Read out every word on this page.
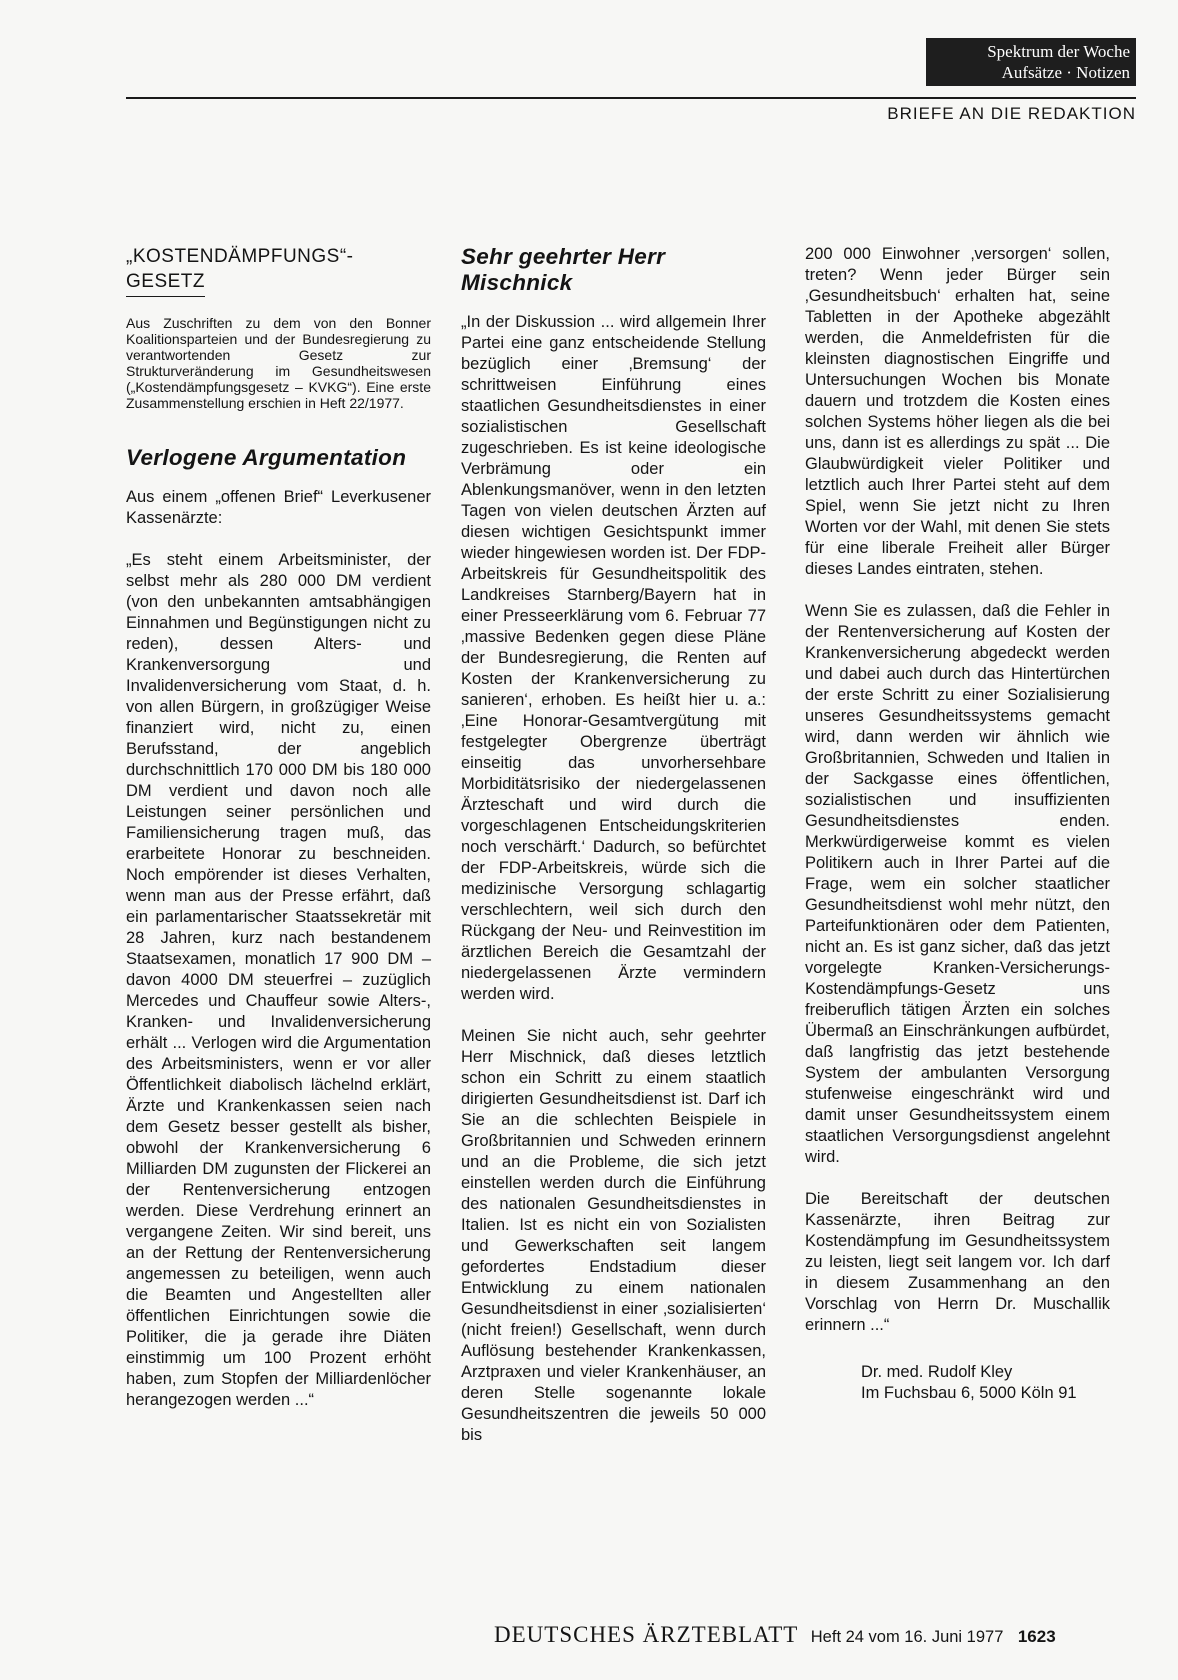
Spektrum der Woche
Aufsätze · Notizen
BRIEFE AN DIE REDAKTION
„KOSTENDÄMPFUNGS“-
GESETZ

Aus Zuschriften zu dem von den Bonner Koalitionsparteien und der Bundesregierung zu verantwortenden Gesetz zur Strukturveränderung im Gesundheitswesen („Kostendämpfungsgesetz – KVKG“). Eine erste Zusammenstellung erschien in Heft 22/1977.

Verlogene Argumentation

Aus einem „offenen Brief“ Leverkusener Kassenärzte:

„Es steht einem Arbeitsminister, der selbst mehr als 280 000 DM verdient (von den unbekannten amtsabhängigen Einnahmen und Begünstigungen nicht zu reden), dessen Alters- und Krankenversorgung und Invalidenversicherung vom Staat, d. h. von allen Bürgern, in großzügiger Weise finanziert wird, nicht zu, einen Berufsstand, der angeblich durchschnittlich 170 000 DM bis 180 000 DM verdient und davon noch alle Leistungen seiner persönlichen und Familiensicherung tragen muß, das erarbeitete Honorar zu beschneiden. Noch empörender ist dieses Verhalten, wenn man aus der Presse erfährt, daß ein parlamentarischer Staatssekretär mit 28 Jahren, kurz nach bestandenem Staatsexamen, monatlich 17 900 DM – davon 4000 DM steuerfrei – zuzüglich Mercedes und Chauffeur sowie Alters-, Kranken- und Invalidenversicherung erhält ... Verlogen wird die Argumentation des Arbeitsministers, wenn er vor aller Öffentlichkeit diabolisch lächelnd erklärt, Ärzte und Krankenkassen seien nach dem Gesetz besser gestellt als bisher, obwohl der Krankenversicherung 6 Milliarden DM zugunsten der Flickerei an der Rentenversicherung entzogen werden. Diese Verdrehung erinnert an vergangene Zeiten. Wir sind bereit, uns an der Rettung der Rentenversicherung angemessen zu beteiligen, wenn auch die Beamten und Angestellten aller öffentlichen Einrichtungen sowie die Politiker, die ja gerade ihre Diäten einstimmig um 100 Prozent erhöht haben, zum Stopfen der Milliardenlöcher herangezogen werden ...“

Sehr geehrter Herr Mischnick

„In der Diskussion ... wird allgemein Ihrer Partei eine ganz entscheidende Stellung bezüglich einer ‚Bremsung‘ der schrittweisen Einführung eines staatlichen Gesundheitsdienstes in einer sozialistischen Gesellschaft zugeschrieben. Es ist keine ideologische Verbrämung oder ein Ablenkungsmanöver, wenn in den letzten Tagen von vielen deutschen Ärzten auf diesen wichtigen Gesichtspunkt immer wieder hingewiesen worden ist. Der FDP-Arbeitskreis für Gesundheitspolitik des Landkreises Starnberg/Bayern hat in einer Presseerklärung vom 6. Februar 77 ‚massive Bedenken gegen diese Pläne der Bundesregierung, die Renten auf Kosten der Krankenversicherung zu sanieren‘, erhoben. Es heißt hier u. a.: ‚Eine Honorar-Gesamtvergütung mit festgelegter Obergrenze überträgt einseitig das unvorhersehbare Morbiditätsrisiko der niedergelassenen Ärzteschaft und wird durch die vorgeschlagenen Entscheidungskriterien noch verschärft.‘ Dadurch, so befürchtet der FDP-Arbeitskreis, würde sich die medizinische Versorgung schlagartig verschlechtern, weil sich durch den Rückgang der Neu- und Reinvestition im ärztlichen Bereich die Gesamtzahl der niedergelassenen Ärzte vermindern werden wird.

Meinen Sie nicht auch, sehr geehrter Herr Mischnick, daß dieses letztlich schon ein Schritt zu einem staatlich dirigierten Gesundheitsdienst ist. Darf ich Sie an die schlechten Beispiele in Großbritannien und Schweden erinnern und an die Probleme, die sich jetzt einstellen werden durch die Einführung des nationalen Gesundheitsdienstes in Italien. Ist es nicht ein von Sozialisten und Gewerkschaften seit langem gefordertes Endstadium dieser Entwicklung zu einem nationalen Gesundheitsdienst in einer ‚sozialisierten‘ (nicht freien!) Gesellschaft, wenn durch Auflösung bestehender Krankenkassen, Arztpraxen und vieler Krankenhäuser, an deren Stelle sogenannte lokale Gesundheitszentren die jeweils 50 000 bis

200 000 Einwohner ‚versorgen‘ sollen, treten? Wenn jeder Bürger sein ‚Gesundheitsbuch‘ erhalten hat, seine Tabletten in der Apotheke abgezählt werden, die Anmeldefristen für die kleinsten diagnostischen Eingriffe und Untersuchungen Wochen bis Monate dauern und trotzdem die Kosten eines solchen Systems höher liegen als die bei uns, dann ist es allerdings zu spät ... Die Glaubwürdigkeit vieler Politiker und letztlich auch Ihrer Partei steht auf dem Spiel, wenn Sie jetzt nicht zu Ihren Worten vor der Wahl, mit denen Sie stets für eine liberale Freiheit aller Bürger dieses Landes eintraten, stehen.

Wenn Sie es zulassen, daß die Fehler in der Rentenversicherung auf Kosten der Krankenversicherung abgedeckt werden und dabei auch durch das Hintertürchen der erste Schritt zu einer Sozialisierung unseres Gesundheitssystems gemacht wird, dann werden wir ähnlich wie Großbritannien, Schweden und Italien in der Sackgasse eines öffentlichen, sozialistischen und insuffizienten Gesundheitsdienstes enden. Merkwürdigerweise kommt es vielen Politikern auch in Ihrer Partei auf die Frage, wem ein solcher staatlicher Gesundheitsdienst wohl mehr nützt, den Parteifunktionären oder dem Patienten, nicht an. Es ist ganz sicher, daß das jetzt vorgelegte Kranken-Versicherungs-Kostendämpfungs-Gesetz uns freiberuflich tätigen Ärzten ein solches Übermaß an Einschränkungen aufbürdet, daß langfristig das jetzt bestehende System der ambulanten Versorgung stufenweise eingeschränkt wird und damit unser Gesundheitssystem einem staatlichen Versorgungsdienst angelehnt wird.

Die Bereitschaft der deutschen Kassenärzte, ihren Beitrag zur Kostendämpfung im Gesundheitssystem zu leisten, liegt seit langem vor. Ich darf in diesem Zusammenhang an den Vorschlag von Herrn Dr. Muschallik erinnern ...“

Dr. med. Rudolf Kley
Im Fuchsbau 6, 5000 Köln 91

DEUTSCHES ÄRZTEBLATT Heft 24 vom 16. Juni 1977 1623
